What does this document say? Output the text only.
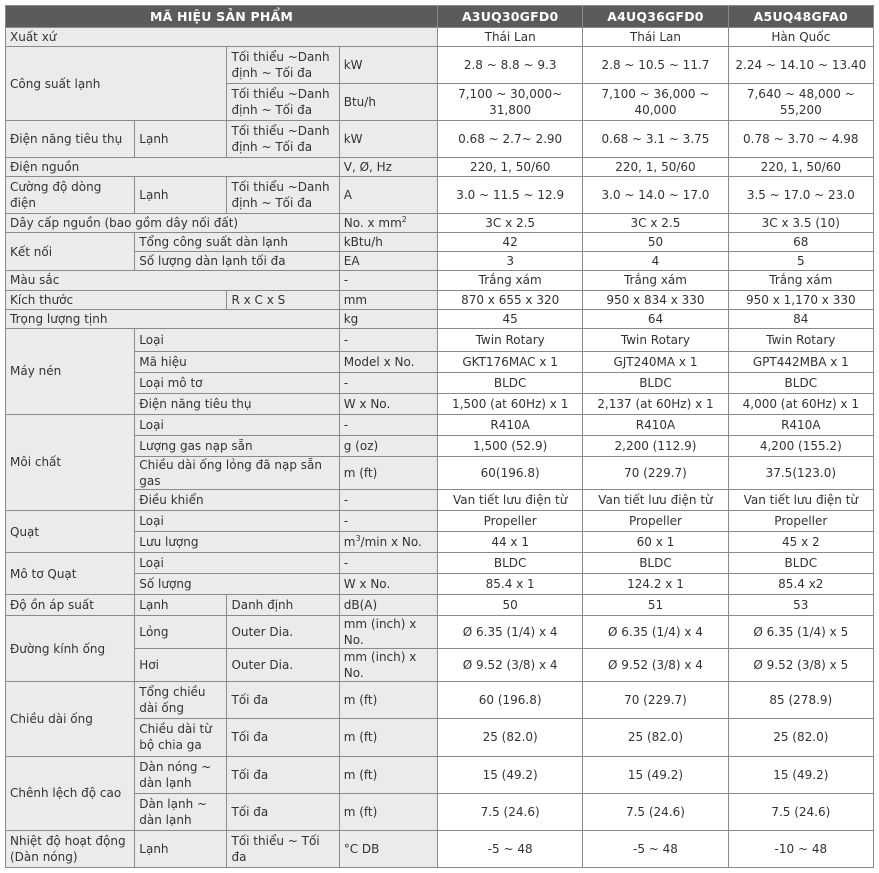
MÃ HIỆU SẢN PHẨM				A3UQ30GFD0	A4UQ36GFD0	A5UQ48GFA0
Xuất xứ				Thái Lan	Thái Lan	Hàn Quốc
Công suất lạnh		Tối thiểu ~Danh định ~ Tối đa	kW	2.8 ~ 8.8 ~ 9.3	2.8 ~ 10.5 ~ 11.7	2.24 ~ 14.10 ~ 13.40
		Tối thiểu ~Danh định ~ Tối đa	Btu/h	7,100 ~ 30,000~ 31,800	7,100 ~ 36,000 ~ 40,000	7,640 ~ 48,000 ~ 55,200
Điện năng tiêu thụ	Lạnh	Tối thiểu ~Danh định ~ Tối đa	kW	0.68 ~ 2.7~ 2.90	0.68 ~ 3.1 ~ 3.75	0.78 ~ 3.70 ~ 4.98
Điện nguồn			V, Ø, Hz	220, 1, 50/60	220, 1, 50/60	220, 1, 50/60
Cường độ dòng điện	Lạnh	Tối thiểu ~Danh định ~ Tối đa	A	3.0 ~ 11.5 ~ 12.9	3.0 ~ 14.0 ~ 17.0	3.5 ~ 17.0 ~ 23.0
Dây cấp nguồn (bao gồm dây nối đất)			No. x $mm^2$	3C x 2.5	3C x 2.5	3C x 3.5 (10)
Kết nối	Tổng công suất dàn lạnh		kBtu/h	42	50	68
	Số lượng dàn lạnh tối đa		EA	3	4	5
Màu sắc			-	Trắng xám	Trắng xám	Trắng xám
Kích thước		R x C x S	mm	870 x 655 x 320	950 x 834 x 330	950 x 1,170 x 330
Trọng lượng tịnh			kg	45	64	84
Máy nén	Loại		-	Twin Rotary	Twin Rotary	Twin Rotary
	Mã hiệu		Model x No.	GKT176MAC x 1	GJT240MA x 1	GPT442MBA x 1
	Loại mô tơ		-	BLDC	BLDC	BLDC
	Điện năng tiêu thụ		W x No.	1,500 (at 60Hz) x 1	2,137 (at 60Hz) x 1	4,000 (at 60Hz) x 1
Môi chất	Loại		-	R410A	R410A	R410A
	Lượng gas nạp sẵn		g (oz)	1,500 (52.9)	2,200 (112.9)	4,200 (155.2)
	Chiều dài ống lỏng đã nạp sẵn gas		m (ft)	60(196.8)	70 (229.7)	37.5(123.0)
	Điều khiển		-	Van tiết lưu điện từ	Van tiết lưu điện từ	Van tiết lưu điện từ
Quạt	Loại		-	Propeller	Propeller	Propeller
	Lưu lượng		$m^3/\min$ x No.	44 x 1	60 x 1	45 x 2
Mô tơ Quạt	Loại		-	BLDC	BLDC	BLDC
	Số lượng		W x No.	85.4 x 1	124.2 x 1	85.4 x2
Độ ồn áp suất	Lạnh	Danh định	dB(A)	50	51	53
Đường kính ống	Lỏng	Outer Dia.	mm (inch) x No.	Ø 6.35 (1/4) x 4	Ø 6.35 (1/4) x 4	Ø 6.35 (1/4) x 5
	Hơi	Outer Dia.	mm (inch) x No.	Ø 9.52 (3/8) x 4	Ø 9.52 (3/8) x 4	Ø 9.52 (3/8) x 5
Chiều dài ống	Tổng chiều dài ống	Tối đa	m (ft)	60 (196.8)	70 (229.7)	85 (278.9)
	Chiều dài từ bộ chia ga	Tối đa	m (ft)	25 (82.0)	25 (82.0)	25 (82.0)
Chênh lệch độ cao	Dàn nóng ~ dàn lạnh	Tối đa	m (ft)	15 (49.2)	15 (49.2)	15 (49.2)
	Dàn lạnh ~ dàn lạnh	Tối đa	m (ft)	7.5 (24.6)	7.5 (24.6)	7.5 (24.6)
Nhiệt độ hoạt động (Dàn nóng)	Lạnh	Tối thiểu ~ Tối đa	°C DB	-5 ~ 48	-5 ~ 48	-10 ~ 48
